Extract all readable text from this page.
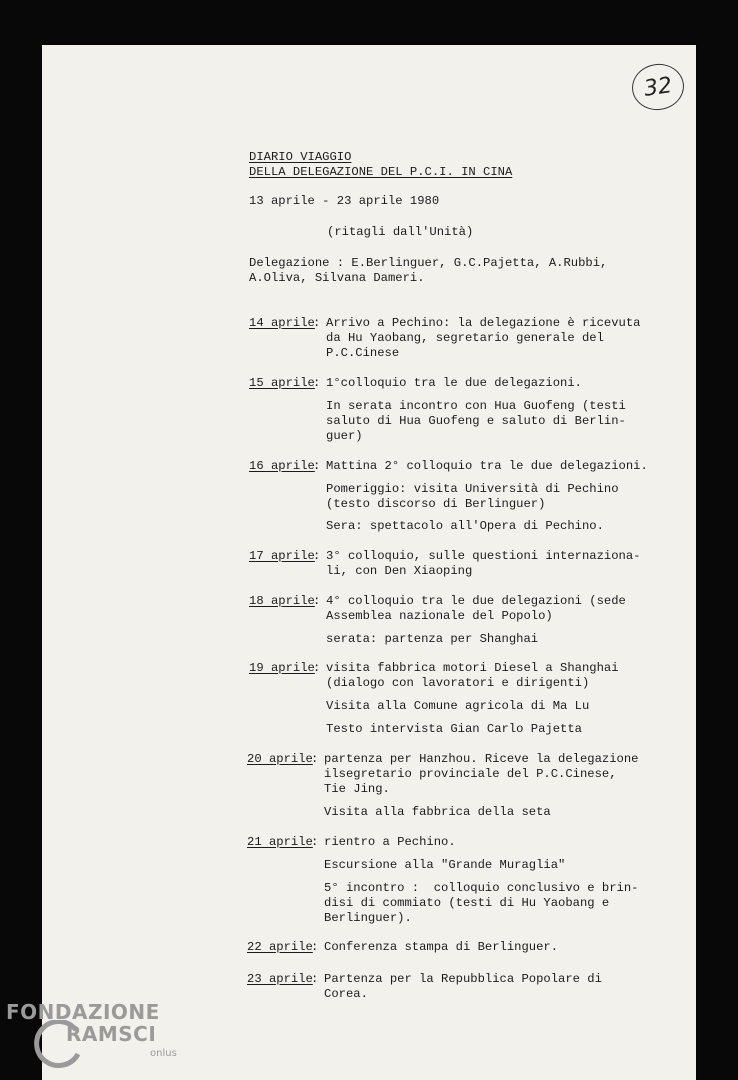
32
DIARIO VIAGGIO
DELLA DELEGAZIONE DEL P.C.I. IN CINA
13 aprile - 23 aprile 1980
(ritagli dall'Unità)
Delegazione : E.Berlinguer, G.C.Pajetta, A.Rubbi,
A.Oliva, Silvana Dameri.
14 aprile
: Arrivo a Pechino: la delegazione è ricevuta
da Hu Yaobang, segretario generale del
P.C.Cinese
15 aprile
: 1°colloquio tra le due delegazioni.
In serata incontro con Hua Guofeng (testi
saluto di Hua Guofeng e saluto di Berlin-
guer)
16 aprile
: Mattina 2° colloquio tra le due delegazioni.
Pomeriggio: visita Università di Pechino
(testo discorso di Berlinguer)
Sera: spettacolo all'Opera di Pechino.
17 aprile
: 3° colloquio, sulle questioni internaziona-
li, con Den Xiaoping
18 aprile
: 4° colloquio tra le due delegazioni (sede
Assemblea nazionale del Popolo)
serata: partenza per Shanghai
19 aprile
: visita fabbrica motori Diesel a Shanghai
(dialogo con lavoratori e dirigenti)
Visita alla Comune agricola di Ma Lu
Testo intervista Gian Carlo Pajetta
20 aprile
: partenza per Hanzhou. Riceve la delegazione
ilsegretario provinciale del P.C.Cinese,
Tie Jing.
Visita alla fabbrica della seta
21 aprile
: rientro a Pechino.
Escursione alla "Grande Muraglia"
5° incontro :  colloquio conclusivo e brin-
disi di commiato (testi di Hu Yaobang e
Berlinguer).
22 aprile
: Conferenza stampa di Berlinguer.
23 aprile
: Partenza per la Repubblica Popolare di
Corea.
FONDAZIONE
RAMSCI
onlus
